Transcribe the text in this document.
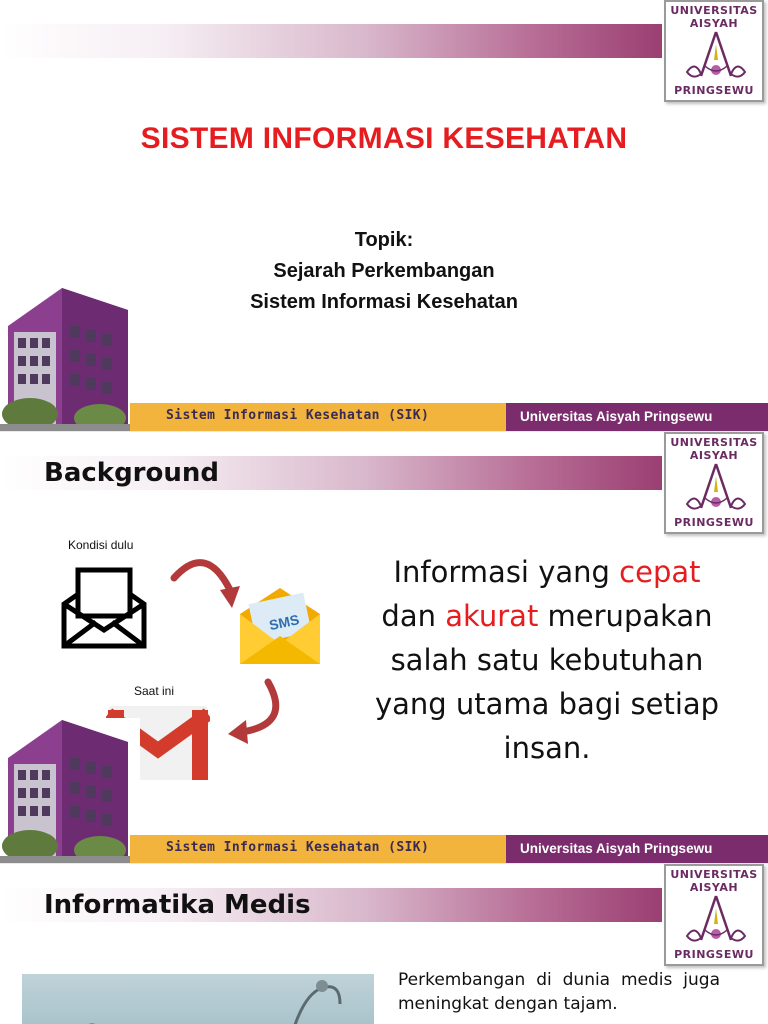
UNIVERSITAS
AISYAH
PRINGSEWU
SISTEM INFORMASI KESEHATAN
Topik:
Sejarah Perkembangan
Sistem Informasi Kesehatan
Sistem Informasi Kesehatan (SIK)	Universitas Aisyah Pringsewu
Background
UNIVERSITAS
AISYAH
PRINGSEWU
Kondisi dulu
Saat ini
SMS
Informasi yang cepat
dan akurat merupakan
salah satu kebutuhan
yang utama bagi setiap
insan.
Sistem Informasi Kesehatan (SIK)	Universitas Aisyah Pringsewu
Informatika Medis
UNIVERSITAS
AISYAH
PRINGSEWU
Perkembangan di dunia medis juga meningkat dengan tajam.
